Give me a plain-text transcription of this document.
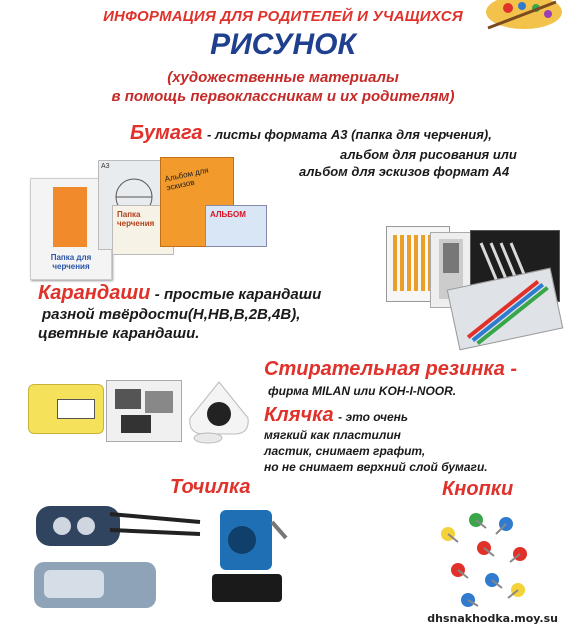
ИНФОРМАЦИЯ ДЛЯ РОДИТЕЛЕЙ И УЧАЩИХСЯ
РИСУНОК
(художественные материалы
в помощь первоклассникам и их родителям)
Бумага - листы формата А3 (папка для черчения),
альбом для рисования или
альбом для эскизов формат А4
Папка для черчения
A3
Папка
черчения
Альбом для эскизов
АЛЬБОМ
Карандаши - простые карандаши
разной твёрдости(H,HB,B,2B,4B),
цветные карандаши.
Стирательная резинка -
фирма MILAN или KOH-I-NOOR.
Клячка - это очень
мягкий как пластилин
ластик, снимает графит,
но не снимает верхний слой бумаги.
Точилка	Кнопки
dhsnakhodka.moy.su
